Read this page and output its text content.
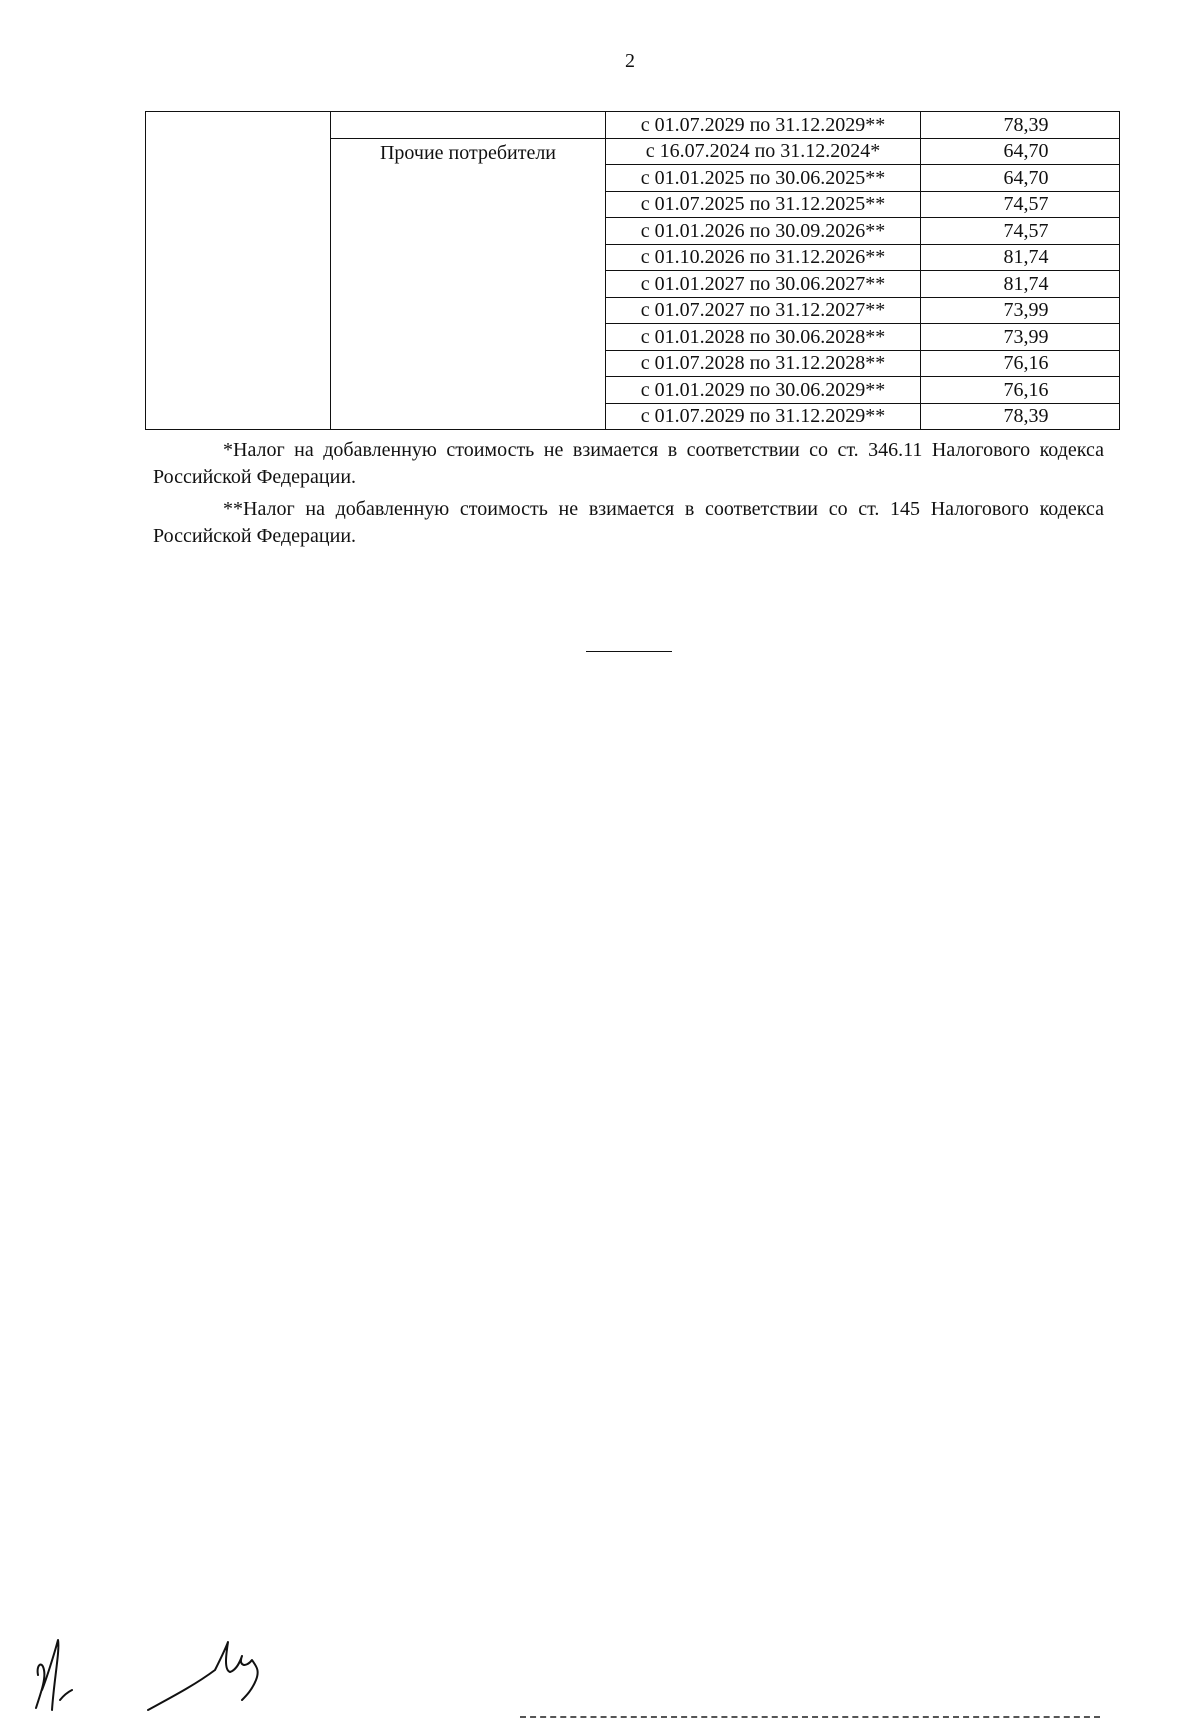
2
		с 01.07.2029 по 31.12.2029**	78,39
	Прочие потребители	с 16.07.2024 по 31.12.2024*	64,70
		с 01.01.2025 по 30.06.2025**	64,70
		с 01.07.2025 по 31.12.2025**	74,57
		с 01.01.2026 по 30.09.2026**	74,57
		с 01.10.2026 по 31.12.2026**	81,74
		с 01.01.2027 по 30.06.2027**	81,74
		с 01.07.2027 по 31.12.2027**	73,99
		с 01.01.2028 по 30.06.2028**	73,99
		с 01.07.2028 по 31.12.2028**	76,16
		с 01.01.2029 по 30.06.2029**	76,16
		с 01.07.2029 по 31.12.2029**	78,39

*Налог на добавленную стоимость не взимается в соответствии со ст. 346.11 Налогового кодекса Российской Федерации.

**Налог на добавленную стоимость не взимается в соответствии со ст. 145 Налогового кодекса Российской Федерации.
